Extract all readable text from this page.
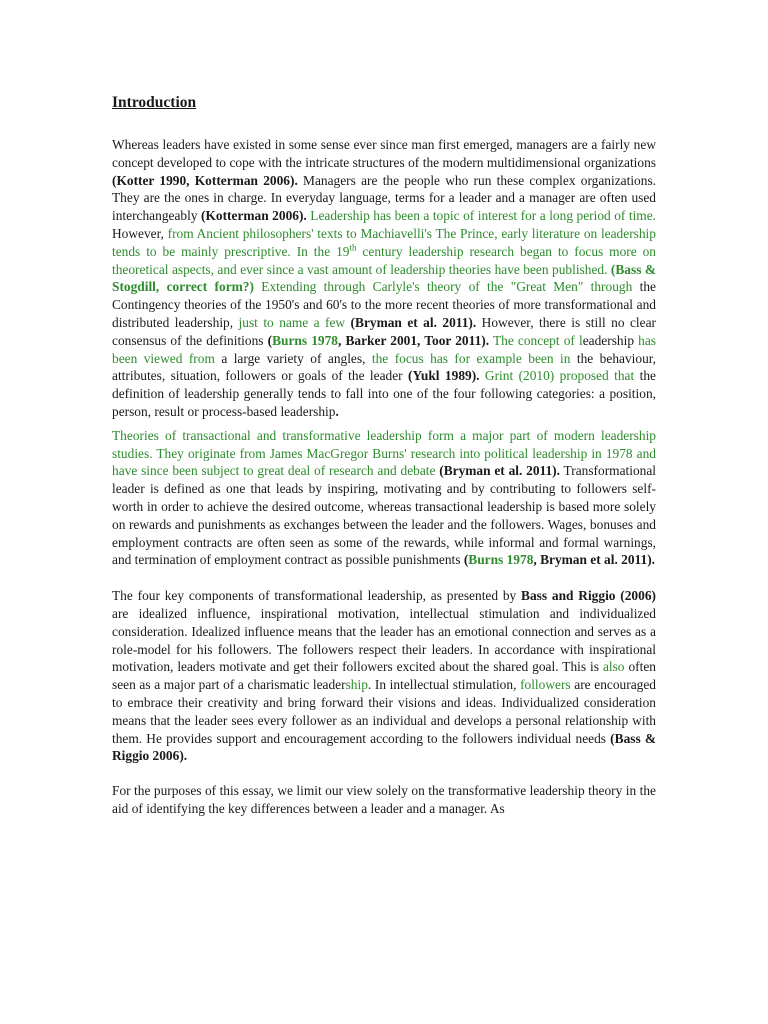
Introduction

Whereas leaders have existed in some sense ever since man first emerged, managers are a fairly new concept developed to cope with the intricate structures of the modern multidimensional organizations (Kotter 1990, Kotterman 2006). Managers are the people who run these complex organizations. They are the ones in charge. In everyday language, terms for a leader and a manager are often used interchangeably (Kotterman 2006). Leadership has been a topic of interest for a long period of time. However, from Ancient philosophers' texts to Machiavelli's The Prince, early literature on leadership tends to be mainly prescriptive. In the 19th century leadership research began to focus more on theoretical aspects, and ever since a vast amount of leadership theories have been published. (Bass & Stogdill, correct form?) Extending through Carlyle's theory of the "Great Men" through the Contingency theories of the 1950's and 60's to the more recent theories of more transformational and distributed leadership, just to name a few (Bryman et al. 2011). However, there is still no clear consensus of the definitions (Burns 1978, Barker 2001, Toor 2011). The concept of leadership has been viewed from a large variety of angles, the focus has for example been in the behaviour, attributes, situation, followers or goals of the leader (Yukl 1989). Grint (2010) proposed that the definition of leadership generally tends to fall into one of the four following categories: a position, person, result or process-based leadership.

Theories of transactional and transformative leadership form a major part of modern leadership studies. They originate from James MacGregor Burns' research into political leadership in 1978 and have since been subject to great deal of research and debate (Bryman et al. 2011). Transformational leader is defined as one that leads by inspiring, motivating and by contributing to followers self-worth in order to achieve the desired outcome, whereas transactional leadership is based more solely on rewards and punishments as exchanges between the leader and the followers. Wages, bonuses and employment contracts are often seen as some of the rewards, while informal and formal warnings, and termination of employment contract as possible punishments (Burns 1978, Bryman et al. 2011).

The four key components of transformational leadership, as presented by Bass and Riggio (2006) are idealized influence, inspirational motivation, intellectual stimulation and individualized consideration. Idealized influence means that the leader has an emotional connection and serves as a role-model for his followers. The followers respect their leaders. In accordance with inspirational motivation, leaders motivate and get their followers excited about the shared goal. This is also often seen as a major part of a charismatic leadership. In intellectual stimulation, followers are encouraged to embrace their creativity and bring forward their visions and ideas. Individualized consideration means that the leader sees every follower as an individual and develops a personal relationship with them. He provides support and encouragement according to the followers individual needs (Bass & Riggio 2006).

For the purposes of this essay, we limit our view solely on the transformative leadership theory in the aid of identifying the key differences between a leader and a manager. As
